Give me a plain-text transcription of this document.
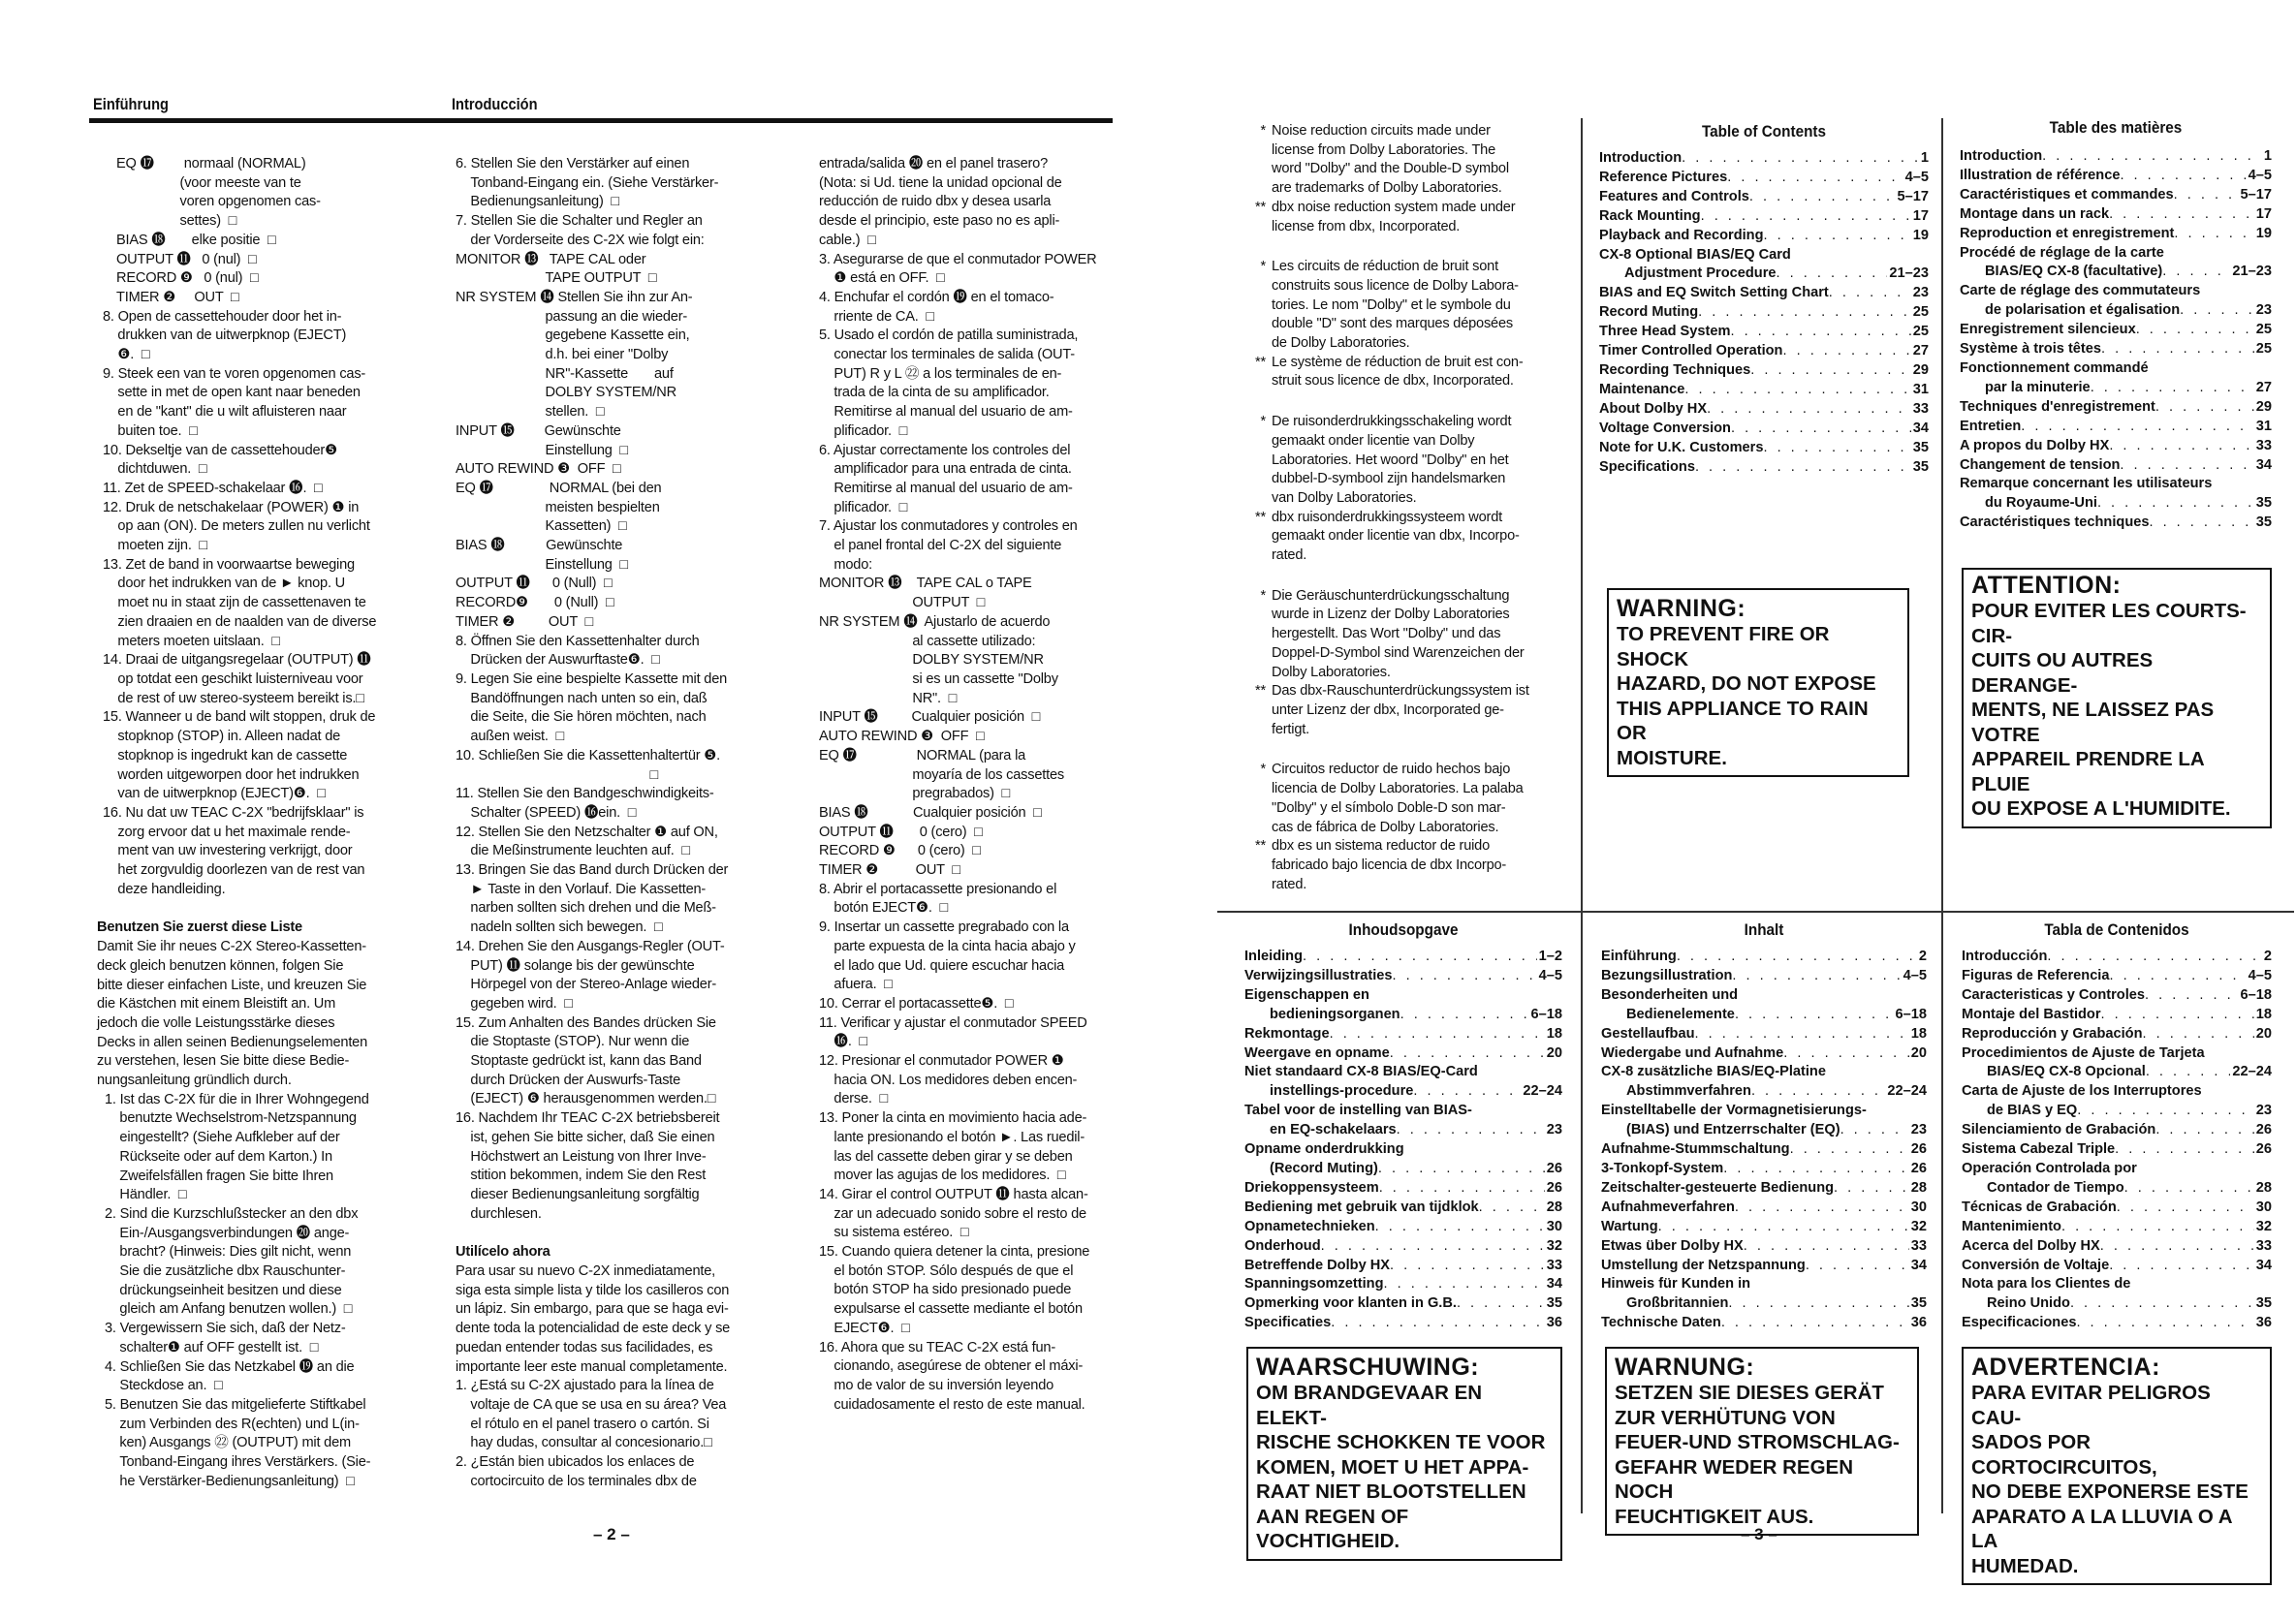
Einführung	Introducción
EQ ⓱        normaal (NORMAL)
(voor meeste van te
voren opgenomen cas-
settes)  □
BIAS ⓲       elke positie  □
OUTPUT ⓫   0 (nul)  □
RECORD ❾   0 (nul)  □
TIMER ❷     OUT  □
8. Open de cassettehouder door het in-
drukken van de uitwerpknop (EJECT)
❻.  □
9. Steek een van te voren opgenomen cas-
sette in met de open kant naar beneden
en de "kant" die u wilt afluisteren naar
buiten toe.  □
10. Dekseltje van de cassettehouder❺
dichtduwen.  □
11. Zet de SPEED-schakelaar ⓰.  □
12. Druk de netschakelaar (POWER) ❶ in
op aan (ON). De meters zullen nu verlicht
moeten zijn.  □
13. Zet de band in voorwaartse beweging
door het indrukken van de ► knop. U
moet nu in staat zijn de cassettenaven te
zien draaien en de naalden van de diverse
meters moeten uitslaan.  □
14. Draai de uitgangsregelaar (OUTPUT) ⓫
op totdat een geschikt luisterniveau voor
de rest of uw stereo-systeem bereikt is.□
15. Wanneer u de band wilt stoppen, druk de
stopknop (STOP) in. Alleen nadat de
stopknop is ingedrukt kan de cassette
worden uitgeworpen door het indrukken
van de uitwerpknop (EJECT)❻.  □
16. Nu dat uw TEAC C-2X "bedrijfsklaar" is
zorg ervoor dat u het maximale rende-
ment van uw investering verkrijgt, door
het zorgvuldig doorlezen van de rest van
deze handleiding.
Benutzen Sie zuerst diese Liste
Damit Sie ihr neues C-2X Stereo-Kassetten-
deck gleich benutzen können, folgen Sie
bitte dieser einfachen Liste, und kreuzen Sie
die Kästchen mit einem Bleistift an. Um
jedoch die volle Leistungsstärke dieses
Decks in allen seinen Bedienungselementen
zu verstehen, lesen Sie bitte diese Bedie-
nungsanleitung gründlich durch.
1. Ist das C-2X für die in Ihrer Wohngegend
benutzte Wechselstrom-Netzspannung
eingestellt? (Siehe Aufkleber auf der
Rückseite oder auf dem Karton.) In
Zweifelsfällen fragen Sie bitte Ihren
Händler.  □
2. Sind die Kurzschlußstecker an den dbx
Ein-/Ausgangsverbindungen ⓴ ange-
bracht? (Hinweis: Dies gilt nicht, wenn
Sie die zusätzliche dbx Rauschunter-
drückungseinheit besitzen und diese
gleich am Anfang benutzen wollen.)  □
3. Vergewissern Sie sich, daß der Netz-
schalter❶ auf OFF gestellt ist.  □
4. Schließen Sie das Netzkabel ⓳ an die
Steckdose an.  □
5. Benutzen Sie das mitgelieferte Stiftkabel
zum Verbinden des R(echten) und L(in-
ken) Ausgangs ㉒ (OUTPUT) mit dem
Tonband-Eingang ihres Verstärkers. (Sie-
he Verstärker-Bedienungsanleitung)  □
6. Stellen Sie den Verstärker auf einen
Tonband-Eingang ein. (Siehe Verstärker-
Bedienungsanleitung)  □
7. Stellen Sie die Schalter und Regler an
der Vorderseite des C-2X wie folgt ein:
MONITOR ⓭   TAPE CAL oder
TAPE OUTPUT  □
NR SYSTEM ⓮ Stellen Sie ihn zur An-
passung an die wieder-
gegebene Kassette ein,
d.h. bei einer "Dolby
NR"-Kassette       auf
DOLBY SYSTEM/NR
stellen.  □
INPUT ⓯        Gewünschte
Einstellung  □
AUTO REWIND ❸  OFF  □
EQ ⓱               NORMAL (bei den
meisten bespielten
Kassetten)  □
BIAS ⓲           Gewünschte
Einstellung  □
OUTPUT ⓫      0 (Null)  □
RECORD❾       0 (Null)  □
TIMER ❷         OUT  □
8. Öffnen Sie den Kassettenhalter durch
Drücken der Auswurftaste❻.  □
9. Legen Sie eine bespielte Kassette mit den
Bandöffnungen nach unten so ein, daß
die Seite, die Sie hören möchten, nach
außen weist.  □
10. Schließen Sie die Kassettenhaltertür ❺.
□
11. Stellen Sie den Bandgeschwindigkeits-
Schalter (SPEED) ⓰ein.  □
12. Stellen Sie den Netzschalter ❶ auf ON,
die Meßinstrumente leuchten auf.  □
13. Bringen Sie das Band durch Drücken der
► Taste in den Vorlauf. Die Kassetten-
narben sollten sich drehen und die Meß-
nadeln sollten sich bewegen.  □
14. Drehen Sie den Ausgangs-Regler (OUT-
PUT) ⓫ solange bis der gewünschte
Hörpegel von der Stereo-Anlage wieder-
gegeben wird.  □
15. Zum Anhalten des Bandes drücken Sie
die Stoptaste (STOP). Nur wenn die
Stoptaste gedrückt ist, kann das Band
durch Drücken der Auswurfs-Taste
(EJECT) ❻ herausgenommen werden.□
16. Nachdem Ihr TEAC C-2X betriebsbereit
ist, gehen Sie bitte sicher, daß Sie einen
Höchstwert an Leistung von Ihrer Inve-
stition bekommen, indem Sie den Rest
dieser Bedienungsanleitung sorgfältig
durchlesen.
Utilícelo ahora
Para usar su nuevo C-2X inmediatamente,
siga esta simple lista y tilde los casilleros con
un lápiz. Sin embargo, para que se haga evi-
dente toda la potencialidad de este deck y se
puedan entender todas sus facilidades, es
importante leer este manual completamente.
1. ¿Está su C-2X ajustado para la línea de
voltaje de CA que se usa en su área? Vea
el rótulo en el panel trasero o cartón. Si
hay dudas, consultar al concesionario.□
2. ¿Están bien ubicados los enlaces de
cortocircuito de los terminales dbx de
entrada/salida ⓴ en el panel trasero?
(Nota: si Ud. tiene la unidad opcional de
reducción de ruido dbx y desea usarla
desde el principio, este paso no es apli-
cable.)  □
3. Asegurarse de que el conmutador POWER
❶ está en OFF.  □
4. Enchufar el cordón ⓳ en el tomaco-
rriente de CA.  □
5. Usado el cordón de patilla suministrada,
conectar los terminales de salida (OUT-
PUT) R y L ㉒ a los terminales de en-
trada de la cinta de su amplificador.
Remitirse al manual del usuario de am-
plificador.  □
6. Ajustar correctamente los controles del
amplificador para una entrada de cinta.
Remitirse al manual del usuario de am-
plificador.  □
7. Ajustar los conmutadores y controles en
el panel frontal del C-2X del siguiente
modo:
MONITOR ⓭    TAPE CAL o TAPE
OUTPUT  □
NR SYSTEM ⓮  Ajustarlo de acuerdo
al cassette utilizado:
DOLBY SYSTEM/NR
si es un cassette "Dolby
NR".  □
INPUT ⓯         Cualquier posición  □
AUTO REWIND ❸  OFF  □
EQ ⓱                NORMAL (para la
moyaría de los cassettes
pregrabados)  □
BIAS ⓲            Cualquier posición  □
OUTPUT ⓫       0 (cero)  □
RECORD ❾      0 (cero)  □
TIMER ❷          OUT  □
8. Abrir el portacassette presionando el
botón EJECT❻.  □
9. Insertar un cassette pregrabado con la
parte expuesta de la cinta hacia abajo y
el lado que Ud. quiere escuchar hacia
afuera.  □
10. Cerrar el portacassette❺.  □
11. Verificar y ajustar el conmutador SPEED
⓰.  □
12. Presionar el conmutador POWER ❶
hacia ON. Los medidores deben encen-
derse.  □
13. Poner la cinta en movimiento hacia ade-
lante presionando el botón ►. Las ruedil-
las del cassette deben girar y se deben
mover las agujas de los medidores.  □
14. Girar el control OUTPUT ⓫ hasta alcan-
zar un adecuado sonido sobre el resto de
su sistema estéreo.  □
15. Cuando quiera detener la cinta, presione
el botón STOP. Sólo después de que el
botón STOP ha sido presionado puede
expulsarse el cassette mediante el botón
EJECT❻.  □
16. Ahora que su TEAC C-2X está fun-
cionando, asegúrese de obtener el máxi-
mo de valor de su inversión leyendo
cuidadosamente el resto de este manual.
– 2 –
* Noise reduction circuits made under
license from Dolby Laboratories. The
word "Dolby" and the Double-D symbol
are trademarks of Dolby Laboratories.
** dbx noise reduction system made under
license from dbx, Incorporated.
* Les circuits de réduction de bruit sont
construits sous licence de Dolby Labora-
tories. Le nom "Dolby" et le symbole du
double "D" sont des marques déposées
de Dolby Laboratories.
** Le système de réduction de bruit est con-
struit sous licence de dbx, Incorporated.
* De ruisonderdrukkingsschakeling wordt
gemaakt onder licentie van Dolby
Laboratories. Het woord "Dolby" en het
dubbel-D-symbool zijn handelsmarken
van Dolby Laboratories.
** dbx ruisonderdrukkingssysteem wordt
gemaakt onder licentie van dbx, Incorpo-
rated.
* Die Geräuschunterdrückungsschaltung
wurde in Lizenz der Dolby Laboratories
hergestellt. Das Wort "Dolby" und das
Doppel-D-Symbol sind Warenzeichen der
Dolby Laboratories.
** Das dbx-Rauschunterdrückungssystem ist
unter Lizenz der dbx, Incorporated ge-
fertigt.
* Circuitos reductor de ruido hechos bajo
licencia de Dolby Laboratories. La palaba
"Dolby" y el símbolo Doble-D son mar-
cas de fábrica de Dolby Laboratories.
** dbx es un sistema reductor de ruido
fabricado bajo licencia de dbx Incorpo-
rated.
Table of Contents
Introduction . . .	1
Reference Pictures . . .	4–5
Features and Controls . . .	5–17
Rack Mounting . . .	17
Playback and Recording . . .	19
CX-8 Optional BIAS/EQ Card
Adjustment Procedure . . .	21–23
BIAS and EQ Switch Setting Chart . . .	23
Record Muting . . .	25
Three Head System . . .	25
Timer Controlled Operation . . .	27
Recording Techniques . . .	29
Maintenance . . .	31
About Dolby HX . . .	33
Voltage Conversion . . .	34
Note for U.K. Customers . . .	35
Specifications . . .	35
Table des matières
Introduction . . .	1
Illustration de référence . . .	4–5
Caractéristiques et commandes . . .	5–17
Montage dans un rack . . .	17
Reproduction et enregistrement . . .	19
Procédé de réglage de la carte
BIAS/EQ CX-8 (facultative) . . .	21–23
Carte de réglage des commutateurs
de polarisation et égalisation . . .	23
Enregistrement silencieux . . .	25
Système à trois têtes . . .	25
Fonctionnement commandé
par la minuterie . . .	27
Techniques d'enregistrement . . .	29
Entretien . . .	31
A propos du Dolby HX . . .	33
Changement de tension . . .	34
Remarque concernant les utilisateurs
du Royaume-Uni . . .	35
Caractéristiques techniques . . .	35
WARNING:
TO PREVENT FIRE OR SHOCK
HAZARD, DO NOT EXPOSE
THIS APPLIANCE TO RAIN OR
MOISTURE.
ATTENTION:
POUR EVITER LES COURTS-CIR-
CUITS OU AUTRES DERANGE-
MENTS, NE LAISSEZ PAS VOTRE
APPAREIL PRENDRE LA PLUIE
OU EXPOSE A L'HUMIDITE.
Inhoudsopgave
Inleiding . . .	1–2
Verwijzingsillustraties . . .	4–5
Eigenschappen en
bedieningsorganen . . .	6–18
Rekmontage . . .	18
Weergave en opname . . .	20
Niet standaard CX-8 BIAS/EQ-Card
instellings-procedure . . .	22–24
Tabel voor de instelling van BIAS-
en EQ-schakelaars . . .	23
Opname onderdrukking
(Record Muting) . . .	26
Driekoppensysteem . . .	26
Bediening met gebruik van tijdklok . . .	28
Opnametechnieken . . .	30
Onderhoud . . .	32
Betreffende Dolby HX . . .	33
Spanningsomzetting . . .	34
Opmerking voor klanten in G.B. . . .	35
Specificaties . . .	36
Inhalt
Einführung . . .	2
Bezungsillustration . . .	4–5
Besonderheiten und
Bedienelemente . . .	6–18
Gestellaufbau . . .	18
Wiedergabe und Aufnahme . . .	20
CX-8 zusätzliche BIAS/EQ-Platine
Abstimmverfahren . . .	22–24
Einstelltabelle der Vormagnetisierungs-
(BIAS) und Entzerrschalter (EQ) . . .	23
Aufnahme-Stummschaltung . . .	26
3-Tonkopf-System . . .	26
Zeitschalter-gesteuerte Bedienung . . .	28
Aufnahmeverfahren . . .	30
Wartung . . .	32
Etwas über Dolby HX . . .	33
Umstellung der Netzspannung . . .	34
Hinweis für Kunden in
Großbritannien . . .	35
Technische Daten . . .	36
Tabla de Contenidos
Introducción . . .	2
Figuras de Referencia . . .	4–5
Caracteristicas y Controles . . .	6–18
Montaje del Bastidor . . .	18
Reproducción y Grabación . . .	20
Procedimientos de Ajuste de Tarjeta
BIAS/EQ CX-8 Opcional . . .	22–24
Carta de Ajuste de los Interruptores
de BIAS y EQ . . .	23
Silenciamiento de Grabación . . .	26
Sistema Cabezal Triple . . .	26
Operación Controlada por
Contador de Tiempo . . .	28
Técnicas de Grabación . . .	30
Mantenimiento . . .	32
Acerca del Dolby HX . . .	33
Conversión de Voltaje . . .	34
Nota para los Clientes de
Reino Unido . . .	35
Especificaciones . . .	36
WAARSCHUWING:
OM BRANDGEVAAR EN ELEKT-
RISCHE SCHOKKEN TE VOOR
KOMEN, MOET U HET APPA-
RAAT NIET BLOOTSTELLEN
AAN REGEN OF VOCHTIGHEID.
WARNUNG:
SETZEN SIE DIESES GERÄT
ZUR VERHÜTUNG VON
FEUER-UND STROMSCHLAG-
GEFAHR WEDER REGEN NOCH
FEUCHTIGKEIT AUS.
ADVERTENCIA:
PARA EVITAR PELIGROS CAU-
SADOS POR CORTOCIRCUITOS,
NO DEBE EXPONERSE ESTE
APARATO A LA LLUVIA O A LA
HUMEDAD.
– 3 –
